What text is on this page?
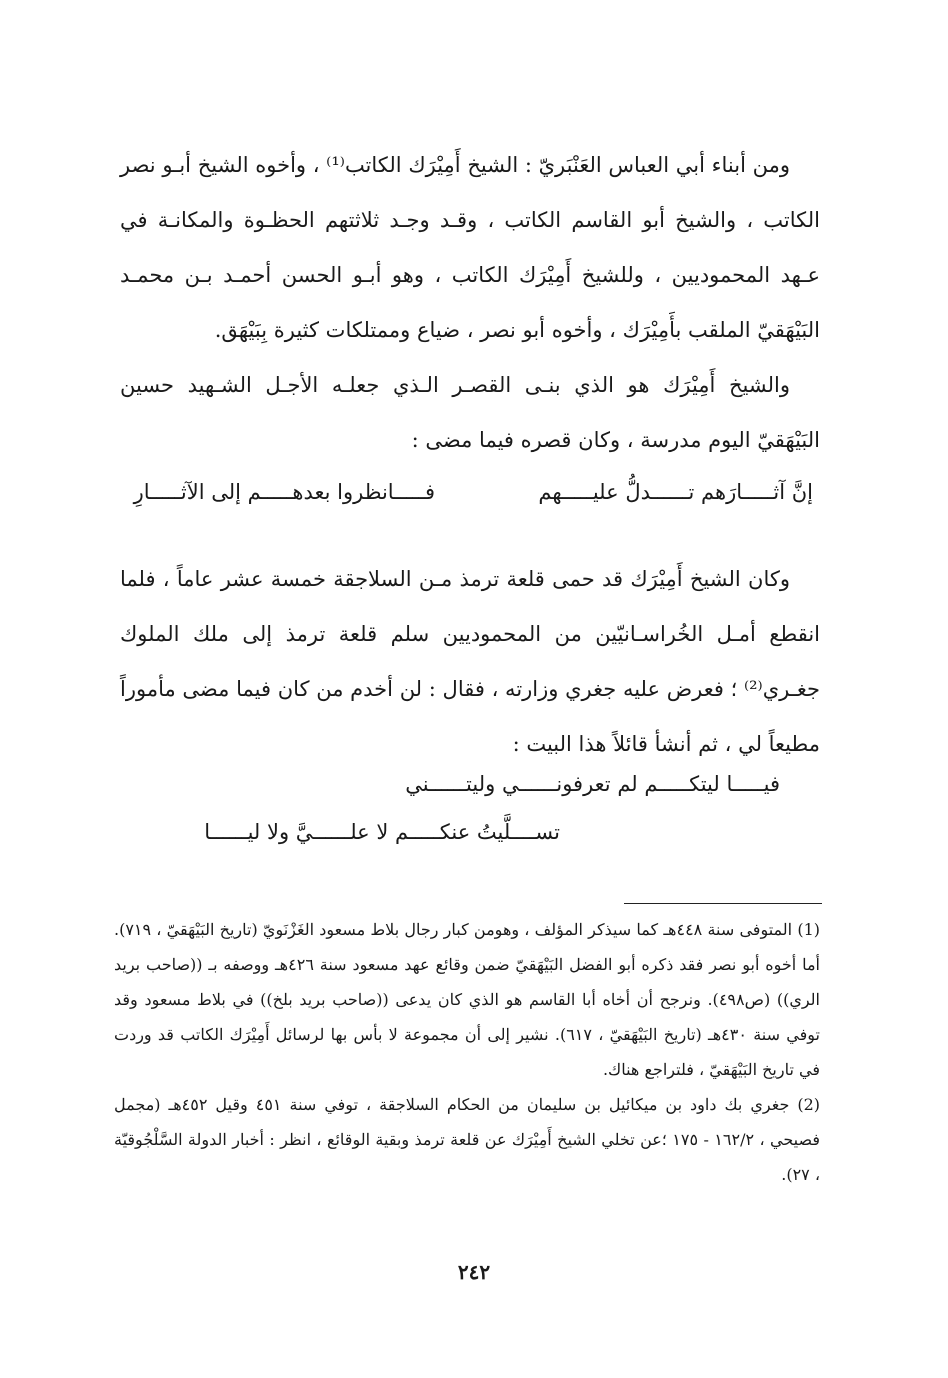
ومن أبناء أبي العباس العَنْبَريّ : الشيخ أَمِيْرَك الكاتب⁽¹⁾ ، وأخوه الشيخ أبـو نصر الكاتب ، والشيخ أبو القاسم الكاتب ، وقـد وجـد ثلاثتهم الحظـوة والمكانـة في عـهد المحموديين ، وللشيخ أَمِيْرَك الكاتب ، وهو أبـو الحسن أحمـد بـن محمـد البَيْهَقيّ الملقب بأَمِيْرَك ، وأخوه أبو نصر ، ضياع وممتلكات كثيرة بِبَيْهَق.

والشيخ أَمِيْرَك هو الذي بنـى القصـر الـذي جعلـه الأجـل الشـهيد حسين البَيْهَقيّ اليوم مدرسة ، وكان قصره فيما مضى :

إنَّ آثـــــارَهم تــــــدلُّ عليـــــهم
فـــــانظروا بعدهـــــم إلى الآثـــــارِ

وكان الشيخ أَمِيْرَك قد حمى قلعة ترمذ مـن السلاجقة خمسة عشر عاماً ، فلما انقطع أمـل الخُراسـانيّين من المحموديين سلم قلعة ترمذ إلى ملك الملوك جغـري⁽²⁾ ؛ فعرض عليه جغري وزارته ، فقال : لن أخدم من كان فيما مضى مأموراً مطيعاً لي ، ثم أنشأ قائلاً هذا البيت :

فيـــــا ليتكـــــم لم تعرفونــــــي وليتــــــني
تســــلَّيتُ عنكـــــم لا علــــــيَّ ولا ليــــــا

(1) المتوفى سنة ٤٤٨هـ كما سيذكر المؤلف ، وهومن كبار رجال بلاط مسعود الغَزْنَويّ (تاريخ البَيْهَقيّ ، ٧١٩). أما أخوه أبو نصر فقد ذكره أبو الفضل البَيْهَقيّ ضمن وقائع عهد مسعود سنة ٤٢٦هـ ووصفه بـ ((صاحب بريد الري)) (ص٤٩٨). ونرجح أن أخاه أبا القاسم هو الذي كان يدعى ((صاحب بريد بلخ)) في بلاط مسعود وقد توفي سنة ٤٣٠هـ (تاريخ البَيْهَقيّ ، ٦١٧). نشير إلى أن مجموعة لا بأس بها لرسائل أَمِيْرَك الكاتب قد وردت في تاريخ البَيْهَقيّ ، فلتراجع هناك.

(2) جغري بك داود بن ميكائيل بن سليمان من الحكام السلاجقة ، توفي سنة ٤٥١ وقيل ٤٥٢هـ (مجمل فصيحي ، ١٦٢/٢ - ١٧٥ ؛عن تخلي الشيخ أَمِيْرَك عن قلعة ترمذ وبقية الوقائع ، انظر : أخبار الدولة السَّلْجُوقيّة ، ٢٧).

٢٤٢
